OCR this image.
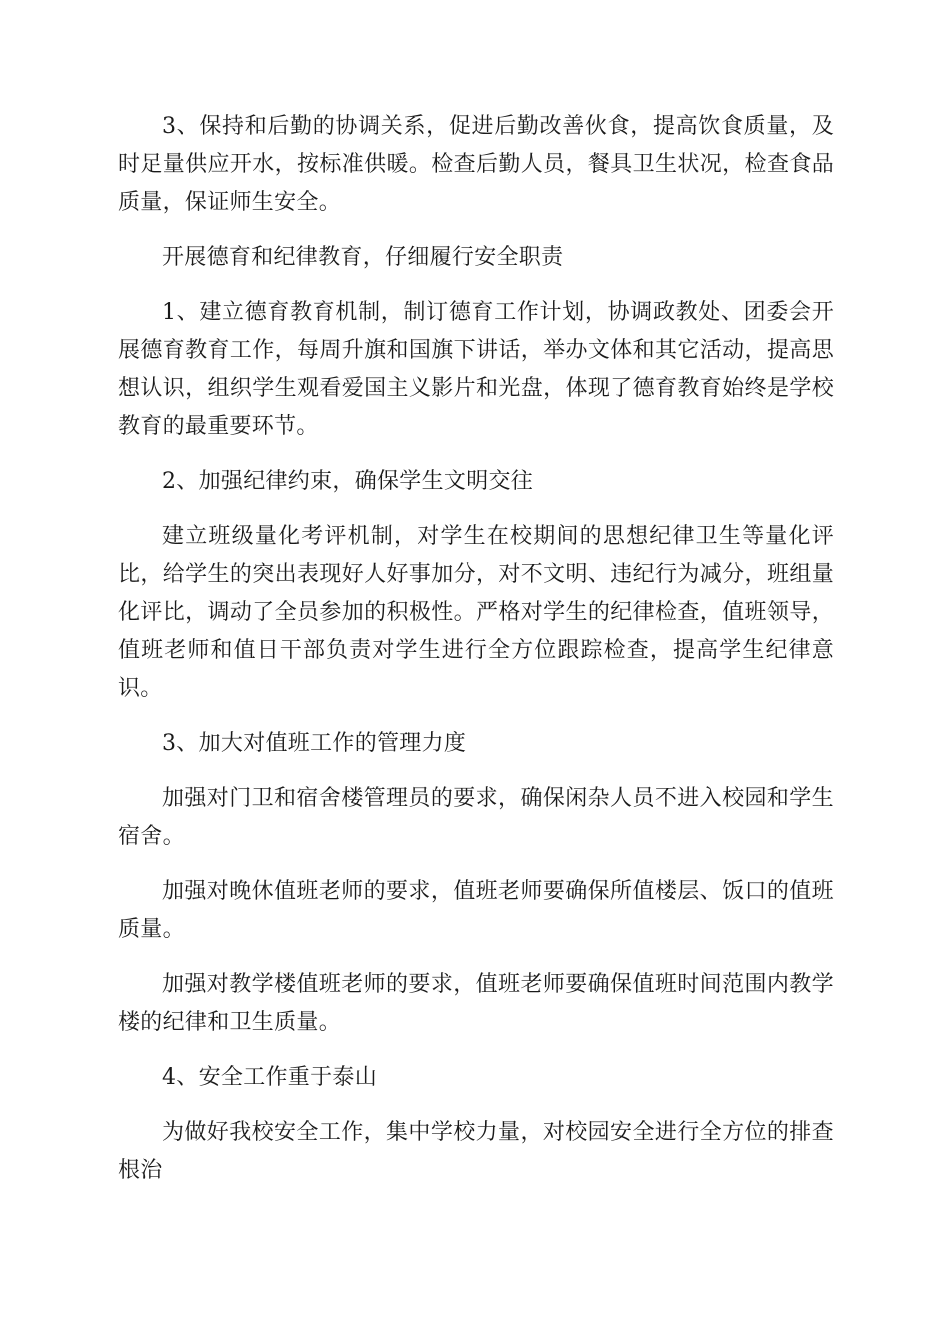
3、保持和后勤的协调关系，促进后勤改善伙食，提高饮食质量，及时足量供应开水，按标准供暖。检查后勤人员，餐具卫生状况，检查食品质量，保证师生安全。

开展德育和纪律教育，仔细履行安全职责

1、建立德育教育机制，制订德育工作计划，协调政教处、团委会开展德育教育工作，每周升旗和国旗下讲话，举办文体和其它活动，提高思想认识，组织学生观看爱国主义影片和光盘，体现了德育教育始终是学校教育的最重要环节。

2、加强纪律约束，确保学生文明交往

建立班级量化考评机制，对学生在校期间的思想纪律卫生等量化评比，给学生的突出表现好人好事加分，对不文明、违纪行为减分，班组量化评比，调动了全员参加的积极性。严格对学生的纪律检查，值班领导，值班老师和值日干部负责对学生进行全方位跟踪检查，提高学生纪律意识。

3、加大对值班工作的管理力度

加强对门卫和宿舍楼管理员的要求，确保闲杂人员不进入校园和学生宿舍。

加强对晚休值班老师的要求，值班老师要确保所值楼层、饭口的值班质量。

加强对教学楼值班老师的要求，值班老师要确保值班时间范围内教学楼的纪律和卫生质量。

4、安全工作重于泰山

为做好我校安全工作，集中学校力量，对校园安全进行全方位的排查根治
